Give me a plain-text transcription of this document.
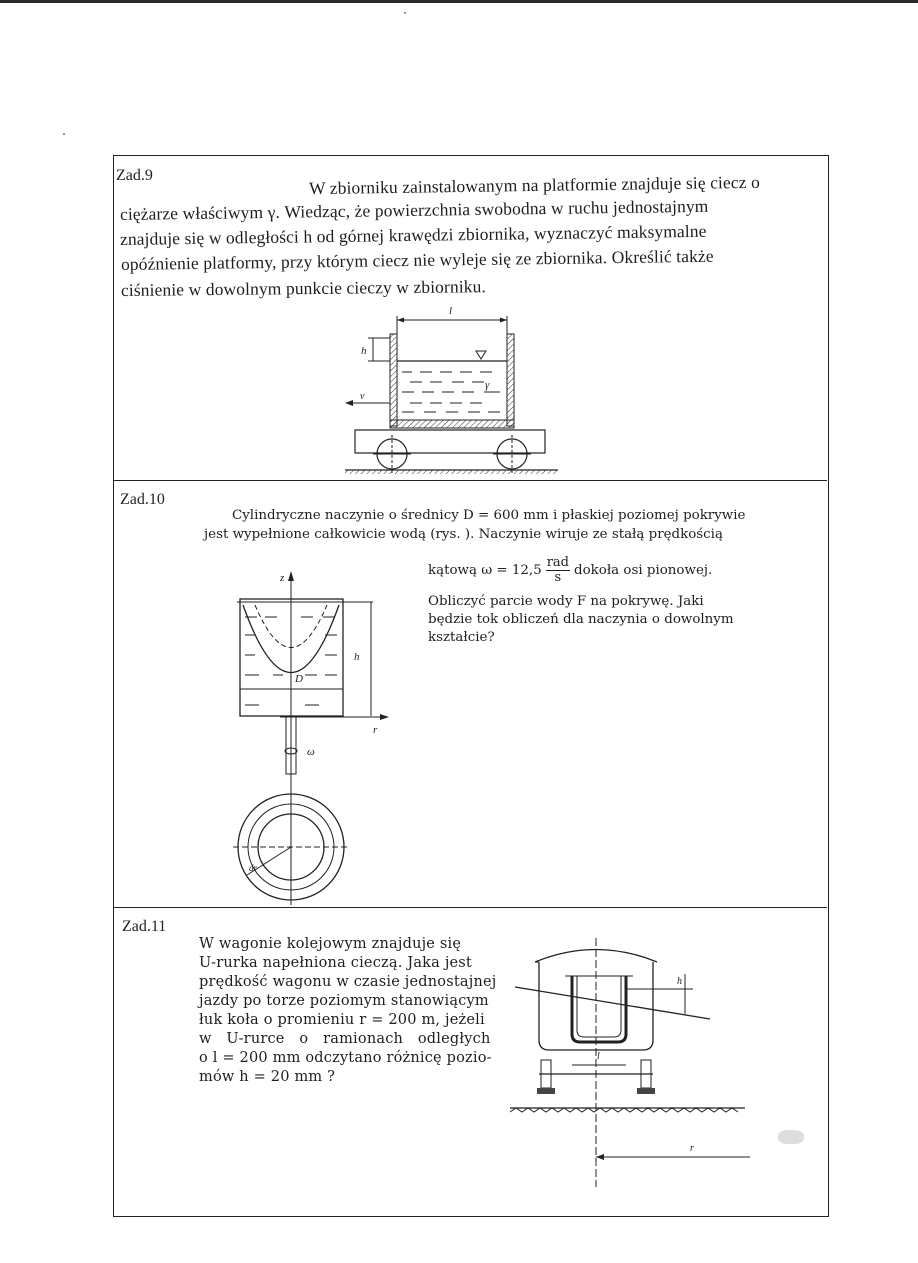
Zad.9	W zbiorniku zainstalowanym na platformie znajduje się ciecz o
ciężarze właściwym γ. Wiedząc, że powierzchnia swobodna w ruchu jednostajnym
znajduje się w odległości h od górnej krawędzi zbiornika, wyznaczyć maksymalne
opóźnienie platformy, przy którym ciecz nie wyleje się ze zbiornika. Określić także
ciśnienie w dowolnym punkcie cieczy w zbiorniku.
l
γ
h
v
Zad.10
Cylindryczne naczynie o średnicy D = 600 mm i płaskiej poziomej pokrywie
jest wypełnione całkowicie wodą (rys. ). Naczynie wiruje ze stałą prędkością
kątową $\omega = 12,5 \frac{\text{rad}}{s}$ dokoła osi pionowej.
Obliczyć parcie wody F na pokrywę. Jaki
będzie tok obliczeń dla naczynia o dowolnym
kształcie?
z
D
h
r
ω
dr
Zad.11
W wagonie kolejowym znajduje się
U-rurka napełniona cieczą. Jaka jest
prędkość wagonu w czasie jednostajnej
jazdy po torze poziomym stanowiącym
łuk koła o promieniu r = 200 m, jeżeli
w U-rurce o ramionach odległych
o l = 200 mm odczytano różnicę pozio-
mów h = 20 mm ?
h
l
r
